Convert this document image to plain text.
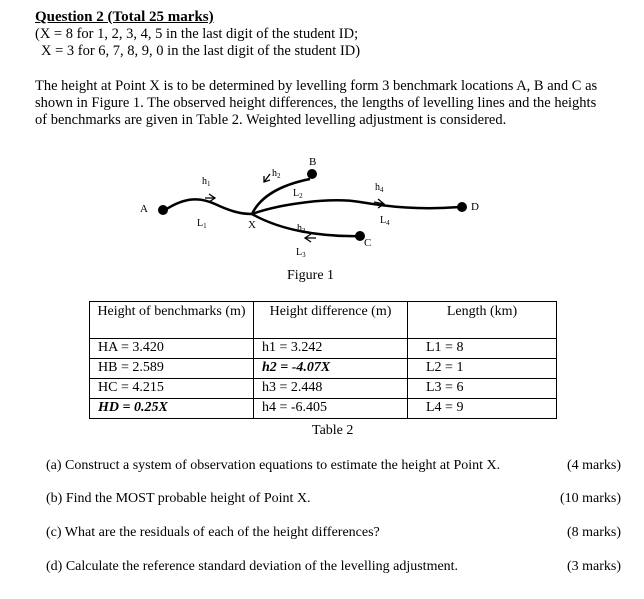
Question 2 (Total 25 marks)
(X = 8 for 1, 2, 3, 4, 5 in the last digit of the student ID;
X = 3 for 6, 7, 8, 9, 0 in the last digit of the student ID)
The height at Point X is to be determined by levelling form 3 benchmark locations A, B and C as shown in Figure 1. The observed height differences, the lengths of levelling lines and the heights of benchmarks are given in Table 2. Weighted levelling adjustment is considered.
A
B
C
D
X
$h_1$
$h_2$
$h_4$
$h_3$
$L_1$
$L_2$
$L_4$
$L_3$
Figure 1
Height of benchmarks (m)	Height difference (m)	Length (km)
HA = 3.420	h1 = 3.242	L1 = 8
HB = 2.589	h2 = -4.07X	L2 = 1
HC = 4.215	h3 = 2.448	L3 = 6
HD = 0.25X	h4 = -6.405	L4 = 9
Table 2
(a) Construct a system of observation equations to estimate the height at Point X.	(4 marks)
(b) Find the MOST probable height of Point X.	(10 marks)
(c) What are the residuals of each of the height differences?	(8 marks)
(d) Calculate the reference standard deviation of the levelling adjustment.	(3 marks)
